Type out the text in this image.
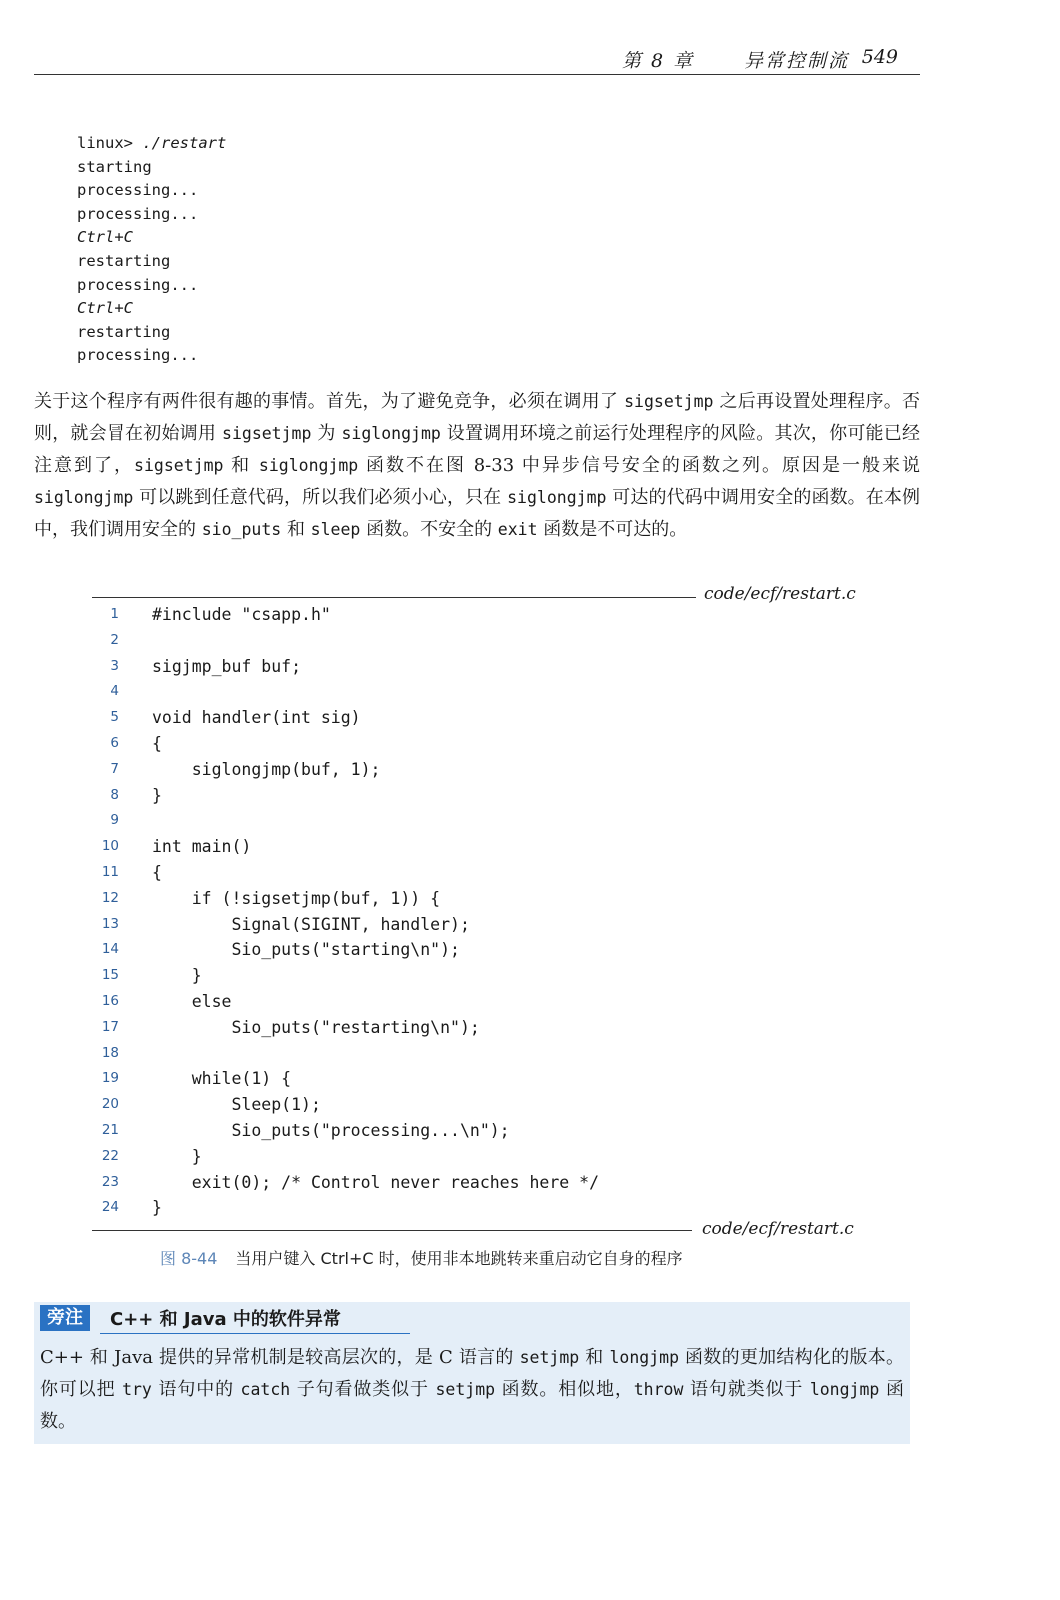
第 8 章	异常控制流 549
linux> ./restart
starting
processing...
processing...
Ctrl+C
restarting
processing...
Ctrl+C
restarting
processing...

关于这个程序有两件很有趣的事情。首先，为了避免竞争，必须在调用了 sigsetjmp 之后再设置处理程序。否则，就会冒在初始调用 sigsetjmp 为 siglongjmp 设置调用环境之前运行处理程序的风险。其次，你可能已经注意到了，sigsetjmp 和 siglongjmp 函数不在图 8-33 中异步信号安全的函数之列。原因是一般来说 siglongjmp 可以跳到任意代码，所以我们必须小心，只在 siglongjmp 可达的代码中调用安全的函数。在本例中，我们调用安全的 sio_puts 和 sleep 函数。不安全的 exit 函数是不可达的。

code/ecf/restart.c
1 #include "csapp.h"
2
3 sigjmp_buf buf;
4
5 void handler(int sig)
6 {
7 siglongjmp(buf, 1);
8 }
9
10 int main()
11 {
12 if (!sigsetjmp(buf, 1)) {
13 Signal(SIGINT, handler);
14 Sio_puts("starting\n");
15 }
16 else
17 Sio_puts("restarting\n");
18
19 while(1) {
20 Sleep(1);
21 Sio_puts("processing...\n");
22 }
23 exit(0); /* Control never reaches here */
24 }
code/ecf/restart.c
图 8-44 当用户键入 Ctrl+C 时，使用非本地跳转来重启动它自身的程序
旁注	C++ 和 Java 中的软件异常

C++ 和 Java 提供的异常机制是较高层次的，是 C 语言的 setjmp 和 longjmp 函数的更加结构化的版本。你可以把 try 语句中的 catch 子句看做类似于 setjmp 函数。相似地，throw 语句就类似于 longjmp 函数。
